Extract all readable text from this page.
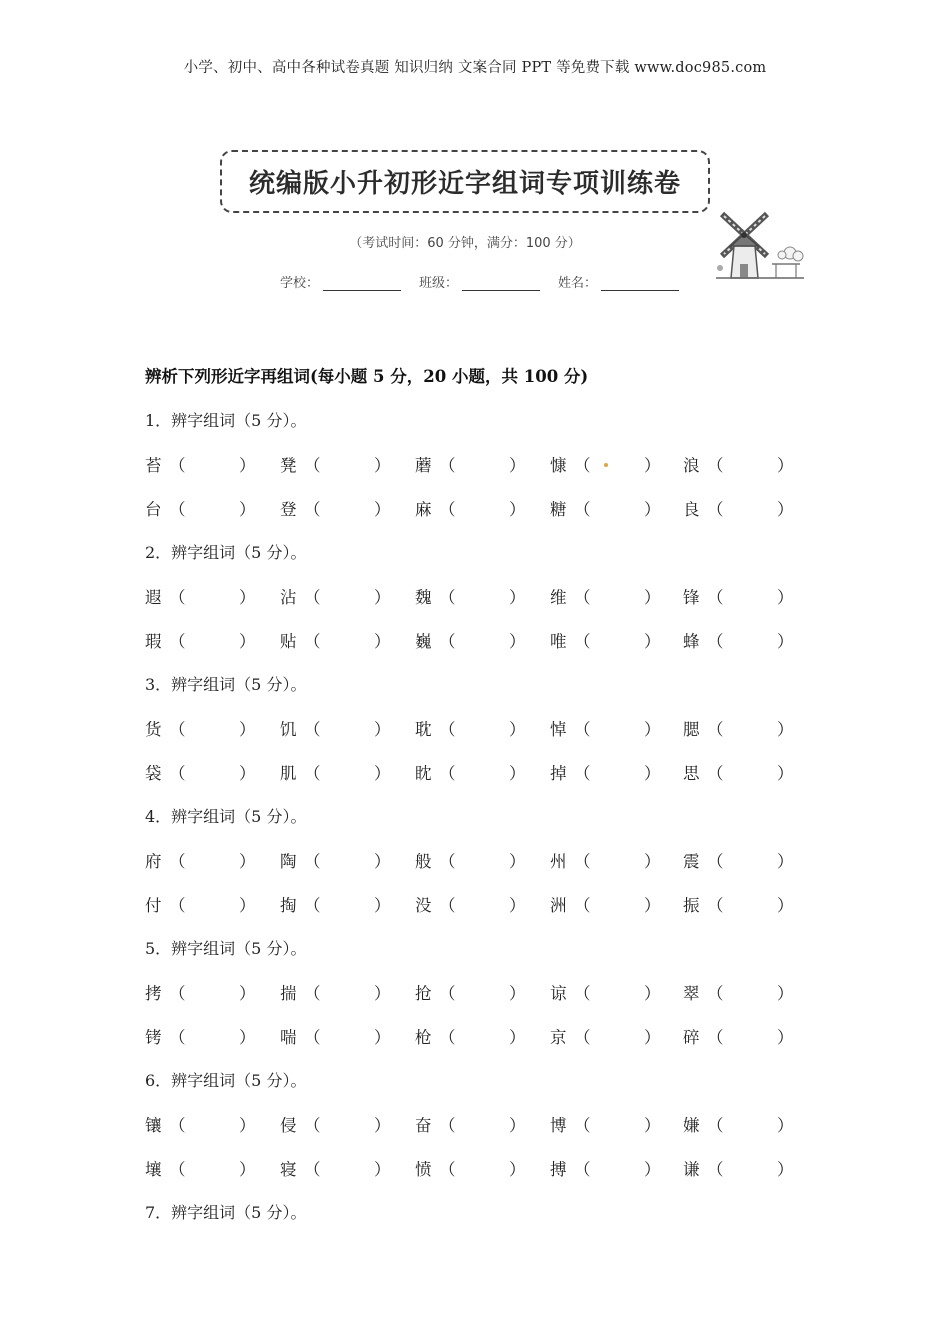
小学、初中、高中各种试卷真题 知识归纳 文案合同 PPT 等免费下载 www.doc985.com
统编版小升初形近字组词专项训练卷
（考试时间：60 分钟，满分：100 分）
学校：	班级：	姓名：
辨析下列形近字再组词(每小题 5 分，20 小题，共 100 分)
1．辨字组词（5 分）。
苔 （	） 凳 （	） 蘑 （	） 慷 （	） 浪 （	）
台 （	） 登 （	） 麻 （	） 糖 （	） 良 （	）
2．辨字组词（5 分）。
遐 （	） 沾 （	） 魏 （	） 维 （	） 锋 （	）
瑕 （	） 贴 （	） 巍 （	） 唯 （	） 蜂 （	）
3．辨字组词（5 分）。
货 （	） 饥 （	） 耽 （	） 悼 （	） 腮 （	）
袋 （	） 肌 （	） 眈 （	） 掉 （	） 思 （	）
4．辨字组词（5 分）。
府 （	） 陶 （	） 般 （	） 州 （	） 震 （	）
付 （	） 掏 （	） 没 （	） 洲 （	） 振 （	）
5．辨字组词（5 分）。
拷 （	） 揣 （	） 抢 （	） 谅 （	） 翠 （	）
铐 （	） 喘 （	） 枪 （	） 京 （	） 碎 （	）
6．辨字组词（5 分）。
镶 （	） 侵 （	） 奋 （	） 博 （	） 嫌 （	）
壤 （	） 寝 （	） 愤 （	） 搏 （	） 谦 （	）
7．辨字组词（5 分）。
